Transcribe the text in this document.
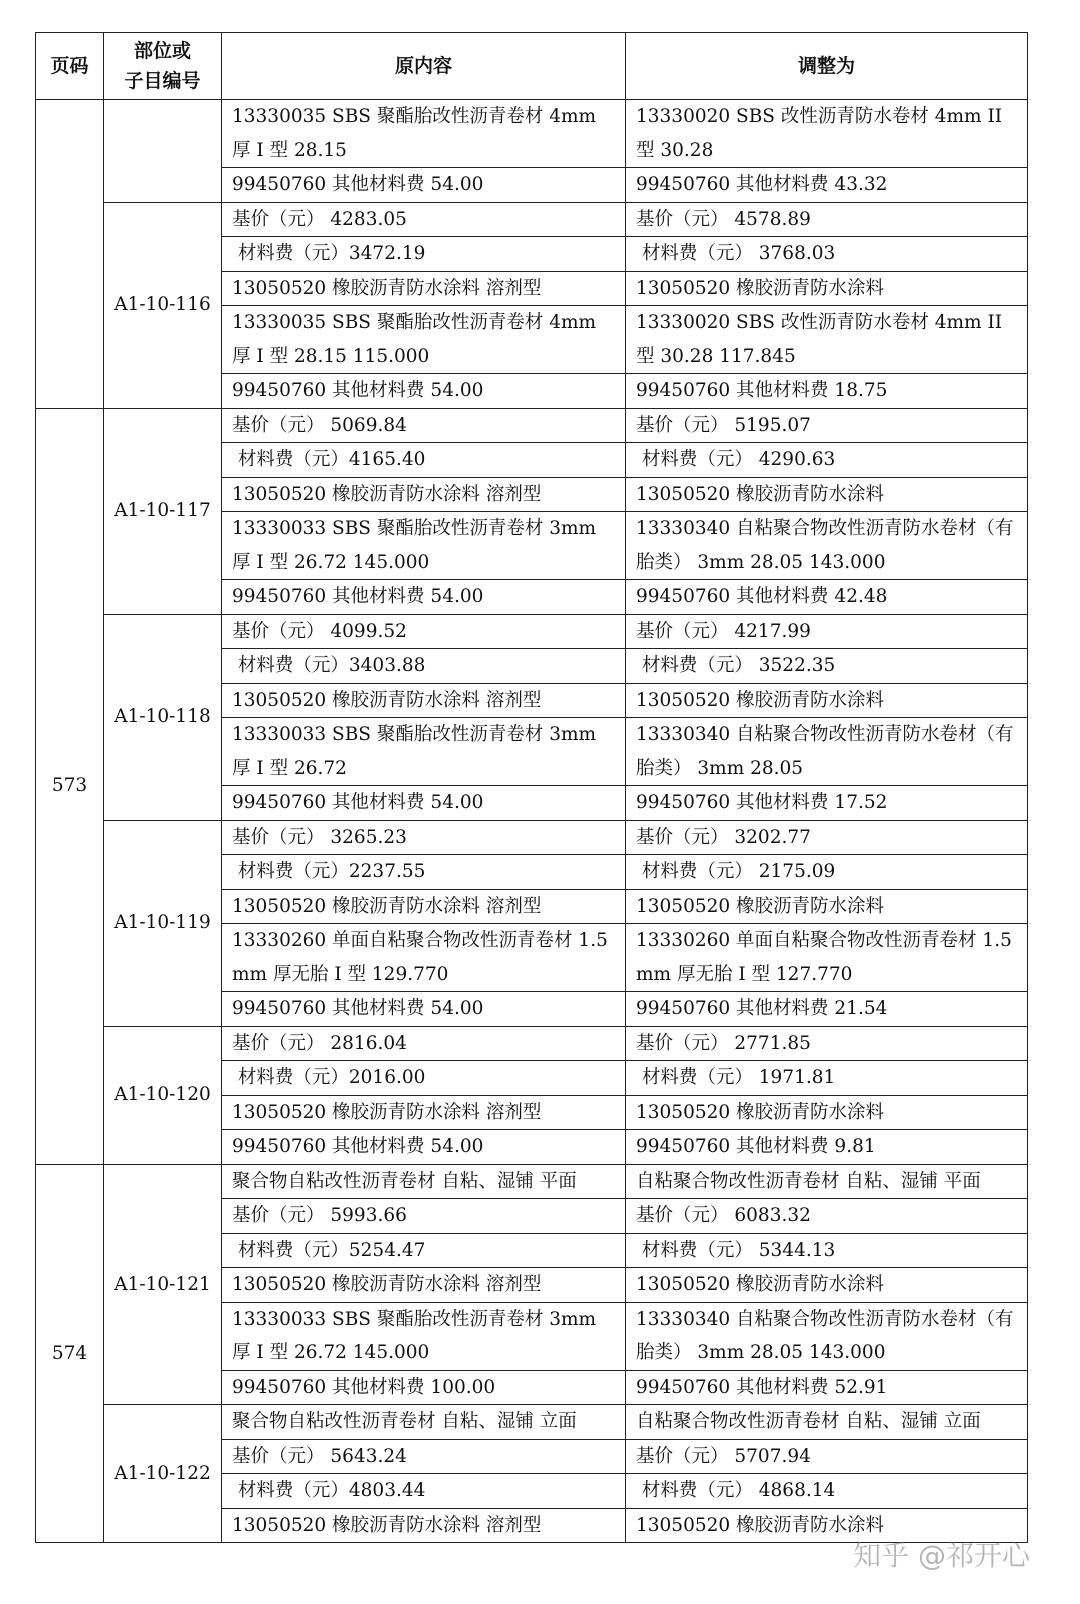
页码	部位或
子目编号	原内容	调整为
		13330035 SBS 聚酯胎改性沥青卷材 4mm 厚 I 型 28.15	13330020 SBS 改性沥青防水卷材 4mm II 型 30.28
		99450760 其他材料费 54.00	99450760 其他材料费 43.32
	A1-10-116	基价（元） 4283.05	基价（元） 4578.89
		材料费（元）3472.19	材料费（元） 3768.03
		13050520 橡胶沥青防水涂料 溶剂型	13050520 橡胶沥青防水涂料
		13330035 SBS 聚酯胎改性沥青卷材 4mm 厚 I 型 28.15 115.000	13330020 SBS 改性沥青防水卷材 4mm II 型 30.28 117.845
		99450760 其他材料费 54.00	99450760 其他材料费 18.75
573	A1-10-117	基价（元） 5069.84	基价（元） 5195.07
		材料费（元）4165.40	材料费（元） 4290.63
		13050520 橡胶沥青防水涂料 溶剂型	13050520 橡胶沥青防水涂料
		13330033 SBS 聚酯胎改性沥青卷材 3mm 厚 I 型 26.72 145.000	13330340 自粘聚合物改性沥青防水卷材（有胎类） 3mm 28.05 143.000
		99450760 其他材料费 54.00	99450760 其他材料费 42.48
	A1-10-118	基价（元） 4099.52	基价（元） 4217.99
		材料费（元）3403.88	材料费（元） 3522.35
		13050520 橡胶沥青防水涂料 溶剂型	13050520 橡胶沥青防水涂料
		13330033 SBS 聚酯胎改性沥青卷材 3mm 厚 I 型 26.72	13330340 自粘聚合物改性沥青防水卷材（有胎类） 3mm 28.05
		99450760 其他材料费 54.00	99450760 其他材料费 17.52
	A1-10-119	基价（元） 3265.23	基价（元） 3202.77
		材料费（元）2237.55	材料费（元） 2175.09
		13050520 橡胶沥青防水涂料 溶剂型	13050520 橡胶沥青防水涂料
		13330260 单面自粘聚合物改性沥青卷材 1.5mm 厚无胎 I 型 129.770	13330260 单面自粘聚合物改性沥青卷材 1.5mm 厚无胎 I 型 127.770
		99450760 其他材料费 54.00	99450760 其他材料费 21.54
	A1-10-120	基价（元） 2816.04	基价（元） 2771.85
		材料费（元）2016.00	材料费（元） 1971.81
		13050520 橡胶沥青防水涂料 溶剂型	13050520 橡胶沥青防水涂料
		99450760 其他材料费 54.00	99450760 其他材料费 9.81
574	A1-10-121	聚合物自粘改性沥青卷材 自粘、湿铺 平面	自粘聚合物改性沥青卷材 自粘、湿铺 平面
		基价（元） 5993.66	基价（元） 6083.32
		材料费（元）5254.47	材料费（元） 5344.13
		13050520 橡胶沥青防水涂料 溶剂型	13050520 橡胶沥青防水涂料
		13330033 SBS 聚酯胎改性沥青卷材 3mm 厚 I 型 26.72 145.000	13330340 自粘聚合物改性沥青防水卷材（有胎类） 3mm 28.05 143.000
		99450760 其他材料费 100.00	99450760 其他材料费 52.91
	A1-10-122	聚合物自粘改性沥青卷材 自粘、湿铺 立面	自粘聚合物改性沥青卷材 自粘、湿铺 立面
		基价（元） 5643.24	基价（元） 5707.94
		材料费（元）4803.44	材料费（元） 4868.14
		13050520 橡胶沥青防水涂料 溶剂型	13050520 橡胶沥青防水涂料
知乎 @祁开心
